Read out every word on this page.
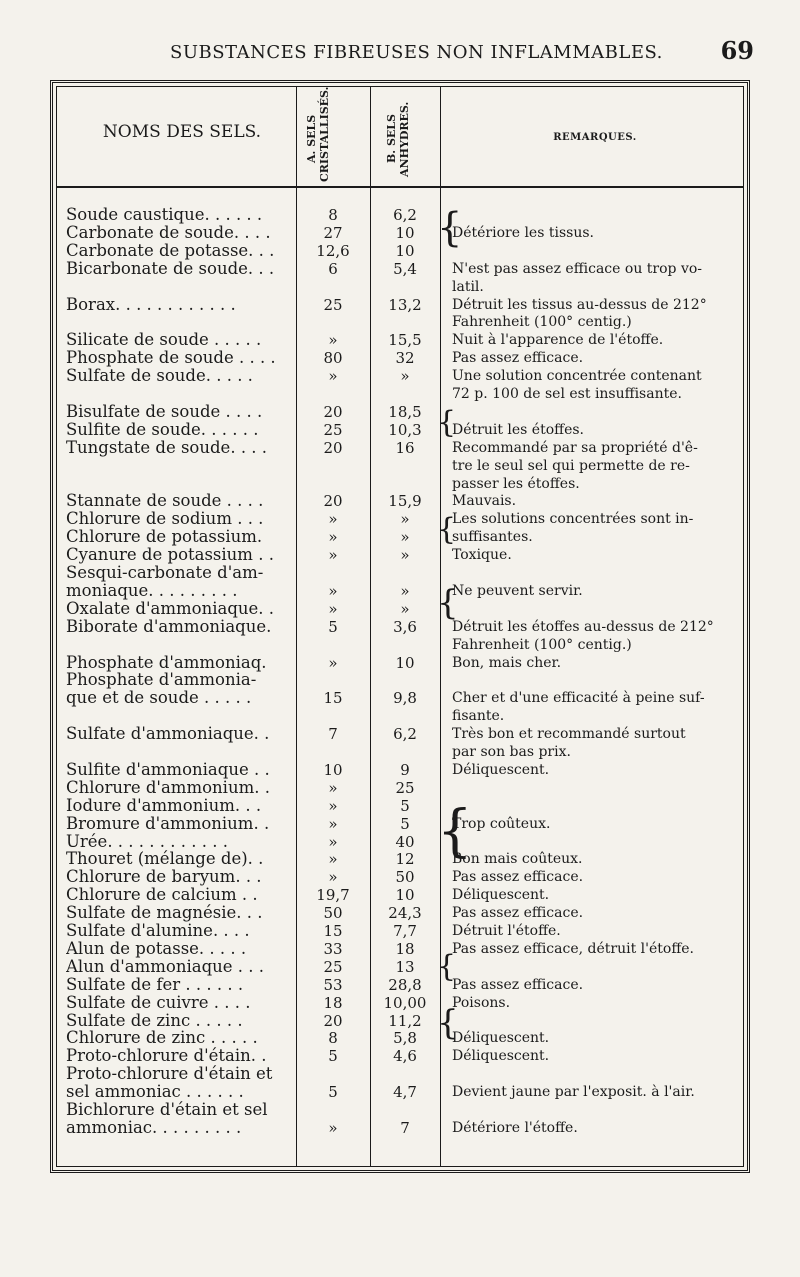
SUBSTANCES FIBREUSES NON INFLAMMABLES. 69
NOMS DES SELS.	A. SELS CRISTALLISÉS.	B. SELS ANHYDRES.	REMARQUES.
Soude caustique. . . . . .	8	6,2
Carbonate de soude. . . .	27	10	Détériore les tissus.
Carbonate de potasse. . .	12,6	10
Bicarbonate de soude. . .	6	5,4	N'est pas assez efficace ou trop vo-
latil.
Borax. . . . . . . . . . . .	25	13,2	Détruit les tissus au-dessus de 212°
Fahrenheit (100° centig.)
Silicate de soude . . . . .	»	15,5	Nuit à l'apparence de l'étoffe.
Phosphate de soude . . . .	80	32	Pas assez efficace.
Sulfate de soude. . . . .	»	»	Une solution concentrée contenant
72 p. 100 de sel est insuffisante.
Bisulfate de soude . . . .	20	18,5
Sulfite de soude. . . . . .	25	10,3	Détruit les étoffes.
Tungstate de soude. . . .	20	16	Recommandé par sa propriété d'ê-
tre le seul sel qui permette de re-
passer les étoffes.
Stannate de soude . . . .	20	15,9	Mauvais.
Chlorure de sodium . . .	»	»	Les solutions concentrées sont in-
Chlorure de potassium.	»	»	suffisantes.
Cyanure de potassium . .	»	»	Toxique.
Sesqui-carbonate d'am-
moniaque. . . . . . . . .	»	»	Ne peuvent servir.
Oxalate d'ammoniaque. .	»	»
Biborate d'ammoniaque.	5	3,6	Détruit les étoffes au-dessus de 212°
Fahrenheit (100° centig.)
Phosphate d'ammoniaq.	»	10	Bon, mais cher.
Phosphate d'ammonia-
que et de soude . . . . .	15	9,8	Cher et d'une efficacité à peine suf-
fisante.
Sulfate d'ammoniaque. .	7	6,2	Très bon et recommandé surtout
par son bas prix.
Sulfite d'ammoniaque . .	10	9	Déliquescent.
Chlorure d'ammonium. .	»	25
Iodure d'ammonium. . .	»	5
Bromure d'ammonium. .	»	5	Trop coûteux.
Urée. . . . . . . . . . . .	»	40
Thouret (mélange de). .	»	12	Bon mais coûteux.
Chlorure de baryum. . .	»	50	Pas assez efficace.
Chlorure de calcium . .	19,7	10	Déliquescent.
Sulfate de magnésie. . .	50	24,3	Pas assez efficace.
Sulfate d'alumine. . . .	15	7,7	Détruit l'étoffe.
Alun de potasse. . . . .	33	18	Pas assez efficace, détruit l'étoffe.
Alun d'ammoniaque . . .	25	13
Sulfate de fer . . . . . .	53	28,8	Pas assez efficace.
Sulfate de cuivre . . . .	18	10,00	Poisons.
Sulfate de zinc . . . . .	20	11,2
Chlorure de zinc . . . . .	8	5,8	Déliquescent.
Proto-chlorure d'étain. .	5	4,6	Déliquescent.
Proto-chlorure d'étain et
sel ammoniac . . . . . .	5	4,7	Devient jaune par l'exposit. à l'air.
Bichlorure d'étain et sel
ammoniac. . . . . . . . .	»	7	Détériore l'étoffe.
{
{
{
{
{
{
{
